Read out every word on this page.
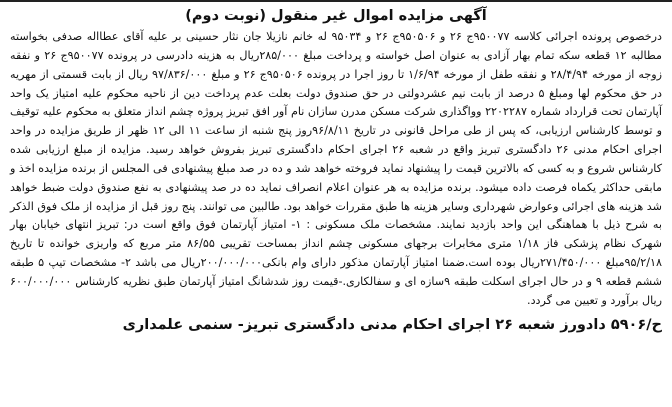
آگهی مزایده اموال غیر منقول (نوبت دوم)

درخصوص پرونده اجرائی کلاسه ۹۵۰۰۷۷ج ۲۶ و ۹۵۰۵۰۶ج ۲۶ و ۹۵۰۳۴ له خانم نازیلا جان نثار حسینی بر علیه آقای عطااله صدفی بخواسته مطالبه ۱۲ قطعه سکه تمام بهار آزادی به عنوان اصل خواسته و پرداخت مبلغ ۲۸۵/۰۰۰ریال به هزینه دادرسی در پرونده ۹۵۰۰۷۷ج ۲۶ و نفقه زوجه از مورخه ۲۸/۴/۹۴ و نفقه طفل از مورخه ۱/۶/۹۴ تا روز اجرا در پرونده ۹۵۰۵۰۶ج ۲۶ و مبلغ ۹۷/۸۳۶/۰۰۰ ریال از بابت قسمتی از مهریه در حق محکوم لها ومبلغ ۵ درصد از بابت نیم عشردولتی در حق صندوق دولت بعلت عدم پرداخت دین از ناحیه محکوم علیه امتیاز یک واحد آپارتمان تحت قرارداد شماره ۲۲۰۲۲۸۷ وواگذاری شرکت مسکن مدرن سازان نام آور افق تبریز پروژه چشم انداز متعلق به محکوم علیه توقیف و توسط کارشناس ارزیابی، که پس از طی مراحل قانونی در تاریخ ۹۶/۸/۱۱روز پنج شنبه از ساعت ۱۱ الی ۱۲ ظهر از طریق مزایده در واحد اجرای احکام مدنی ۲۶ دادگستری تبریز واقع در شعبه ۲۶ اجرای احکام دادگستری تبریز بفروش خواهد رسید. مزایده از مبلغ ارزیابی شده کارشناس شروع و به کسی که بالاترین قیمت را پیشنهاد نماید فروخته خواهد شد و ده در صد مبلغ پیشنهادی فی المجلس از برنده مزایده اخذ و مابقی حداکثر یکماه فرصت داده میشود. برنده مزایده به هر عنوان اعلام انصراف نماید ده در صد پیشنهادی به نفع صندوق دولت ضبط خواهد شد هزینه های اجرائی وعوارض شهرداری وسایر هزینه ها طبق مقررات خواهد بود. طالبین می توانند. پنج روز قبل از مزایده از ملک فوق الذکر به شرح ذیل با هماهنگی این واحد بازدید نمایند. مشخصات ملک مسکونی : ۱- امتیاز آپارتمان فوق واقع است در: تبریز انتهای خیابان بهار شهرک نظام پزشکی فاز ۱/۱۸ متری مخابرات برجهای مسکونی چشم انداز بمساحت تقریبی ۸۶/۵۵ متر مربع که واریزی خوانده تا تاریخ ۹۵/۲/۱۸مبلغ ۲۷۱/۴۵۰/۰۰۰ریال بوده است.ضمنا امتیاز آپارتمان مذکور دارای وام بانکی۲۰۰/۰۰۰/۰۰۰ریال می باشد ۲- مشخصات تیپ ۵ طبقه ششم قطعه ۹ و در حال اجرای اسکلت طبقه ۹سازه ای و سفالکاری.-قیمت روز شدشانگ امتیاز آپارتمان طبق نظریه کارشناس ۶۰۰/۰۰۰/۰۰۰ ریال برآورد و تعیین می گردد.

ح/۵۹۰۶ دادورز شعبه ۲۶ اجرای احکام مدنی دادگستری تبریز- سنمی علمداری
